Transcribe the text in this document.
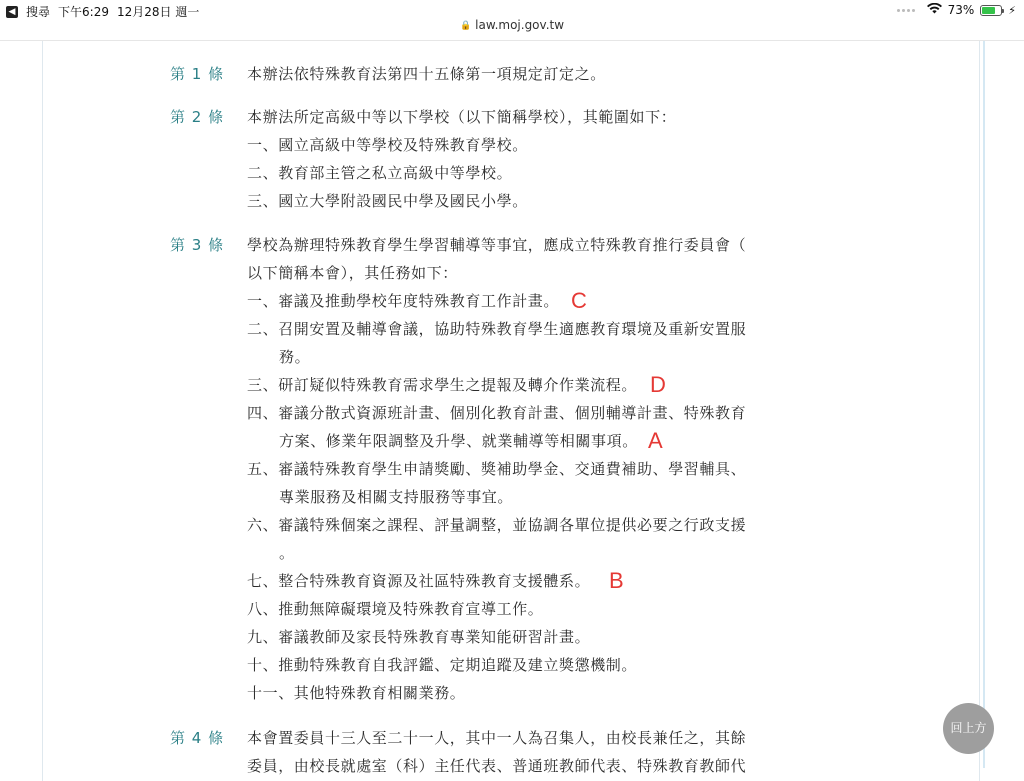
◀ 搜尋 下午6:29 12月28日 週一	73%	⚡
🔒 law.moj.gov.tw
第 1 條	本辦法依特殊教育法第四十五條第一項規定訂定之。
第 2 條	本辦法所定高級中等以下學校（以下簡稱學校），其範圍如下：
一、國立高級中等學校及特殊教育學校。
二、教育部主管之私立高級中等學校。
三、國立大學附設國民中學及國民小學。
第 3 條	學校為辦理特殊教育學生學習輔導等事宜，應成立特殊教育推行委員會（
以下簡稱本會），其任務如下：
一、審議及推動學校年度特殊教育工作計畫。 C
二、召開安置及輔導會議，協助特殊教育學生適應教育環境及重新安置服
務。
三、研訂疑似特殊教育需求學生之提報及轉介作業流程。 D
四、審議分散式資源班計畫、個別化教育計畫、個別輔導計畫、特殊教育
方案、修業年限調整及升學、就業輔導等相關事項。 A
五、審議特殊教育學生申請獎勵、獎補助學金、交通費補助、學習輔具、
專業服務及相關支持服務等事宜。
六、審議特殊個案之課程、評量調整，並協調各單位提供必要之行政支援
。
七、整合特殊教育資源及社區特殊教育支援體系。 B
八、推動無障礙環境及特殊教育宣導工作。
九、審議教師及家長特殊教育專業知能研習計畫。
十、推動特殊教育自我評鑑、定期追蹤及建立獎懲機制。
十一、其他特殊教育相關業務。
第 4 條	本會置委員十三人至二十一人，其中一人為召集人，由校長兼任之，其餘
委員，由校長就處室（科）主任代表、普通班教師代表、特殊教育教師代
回上方
